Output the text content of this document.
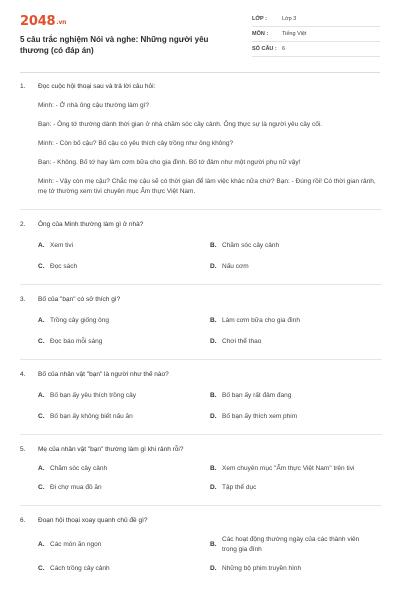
2048.vn
5 câu trắc nghiệm Nói và nghe: Những người yêu thương (có đáp án)
LỚP :	Lớp 3
MÔN :	Tiếng Việt
SỐ CÂU : 6
1.	Đọc cuộc hội thoại sau và trả lời câu hỏi:
Minh: - Ở nhà ông cậu thường làm gì?
Bạn: - Ông tớ thường dành thời gian ở nhà chăm sóc cây cảnh. Ông thực sự là người yêu cây cối.
Minh: - Còn bố cậu? Bố cậu có yêu thích cây trồng như ông không?
Bạn: - Không. Bố tớ hay làm cơm bữa cho gia đình. Bố tớ đảm như một người phụ nữ vậy!
Minh: - Vậy còn mẹ cậu? Chắc mẹ cậu sẽ có thời gian để làm việc khác nữa chứ? Bạn: - Đúng rồi! Có thời gian rảnh, mẹ tớ thường xem tivi chuyên mục Ẩm thực Việt Nam.
2.	Ông của Minh thường làm gì ở nhà?
A. Xem tivi	B. Chăm sóc cây cảnh
C. Đọc sách	D. Nấu cơm
3.	Bố của "bạn" có sở thích gì?
A. Trồng cây giống ông	B. Làm cơm bữa cho gia đình
C. Đọc báo mỗi sáng	D. Chơi thể thao
4.	Bố của nhân vật "bạn" là người như thế nào?
A. Bố bạn ấy yêu thích trồng cây	B. Bố bạn ấy rất đảm đang
C. Bố bạn ấy không biết nấu ăn	D. Bố bạn ấy thích xem phim
5.	Mẹ của nhân vật "bạn" thường làm gì khi rảnh rỗi?
A. Chăm sóc cây cảnh	B. Xem chuyên mục "Ẩm thực Việt Nam" trên tivi
C. Đi chợ mua đồ ăn	D. Tập thể dục
6.	Đoạn hội thoại xoay quanh chủ đề gì?
A. Các món ăn ngon	B.
Các hoạt động thường ngày của các thành viên trong gia đình
C. Cách trồng cây cảnh	D. Những bộ phim truyền hình
